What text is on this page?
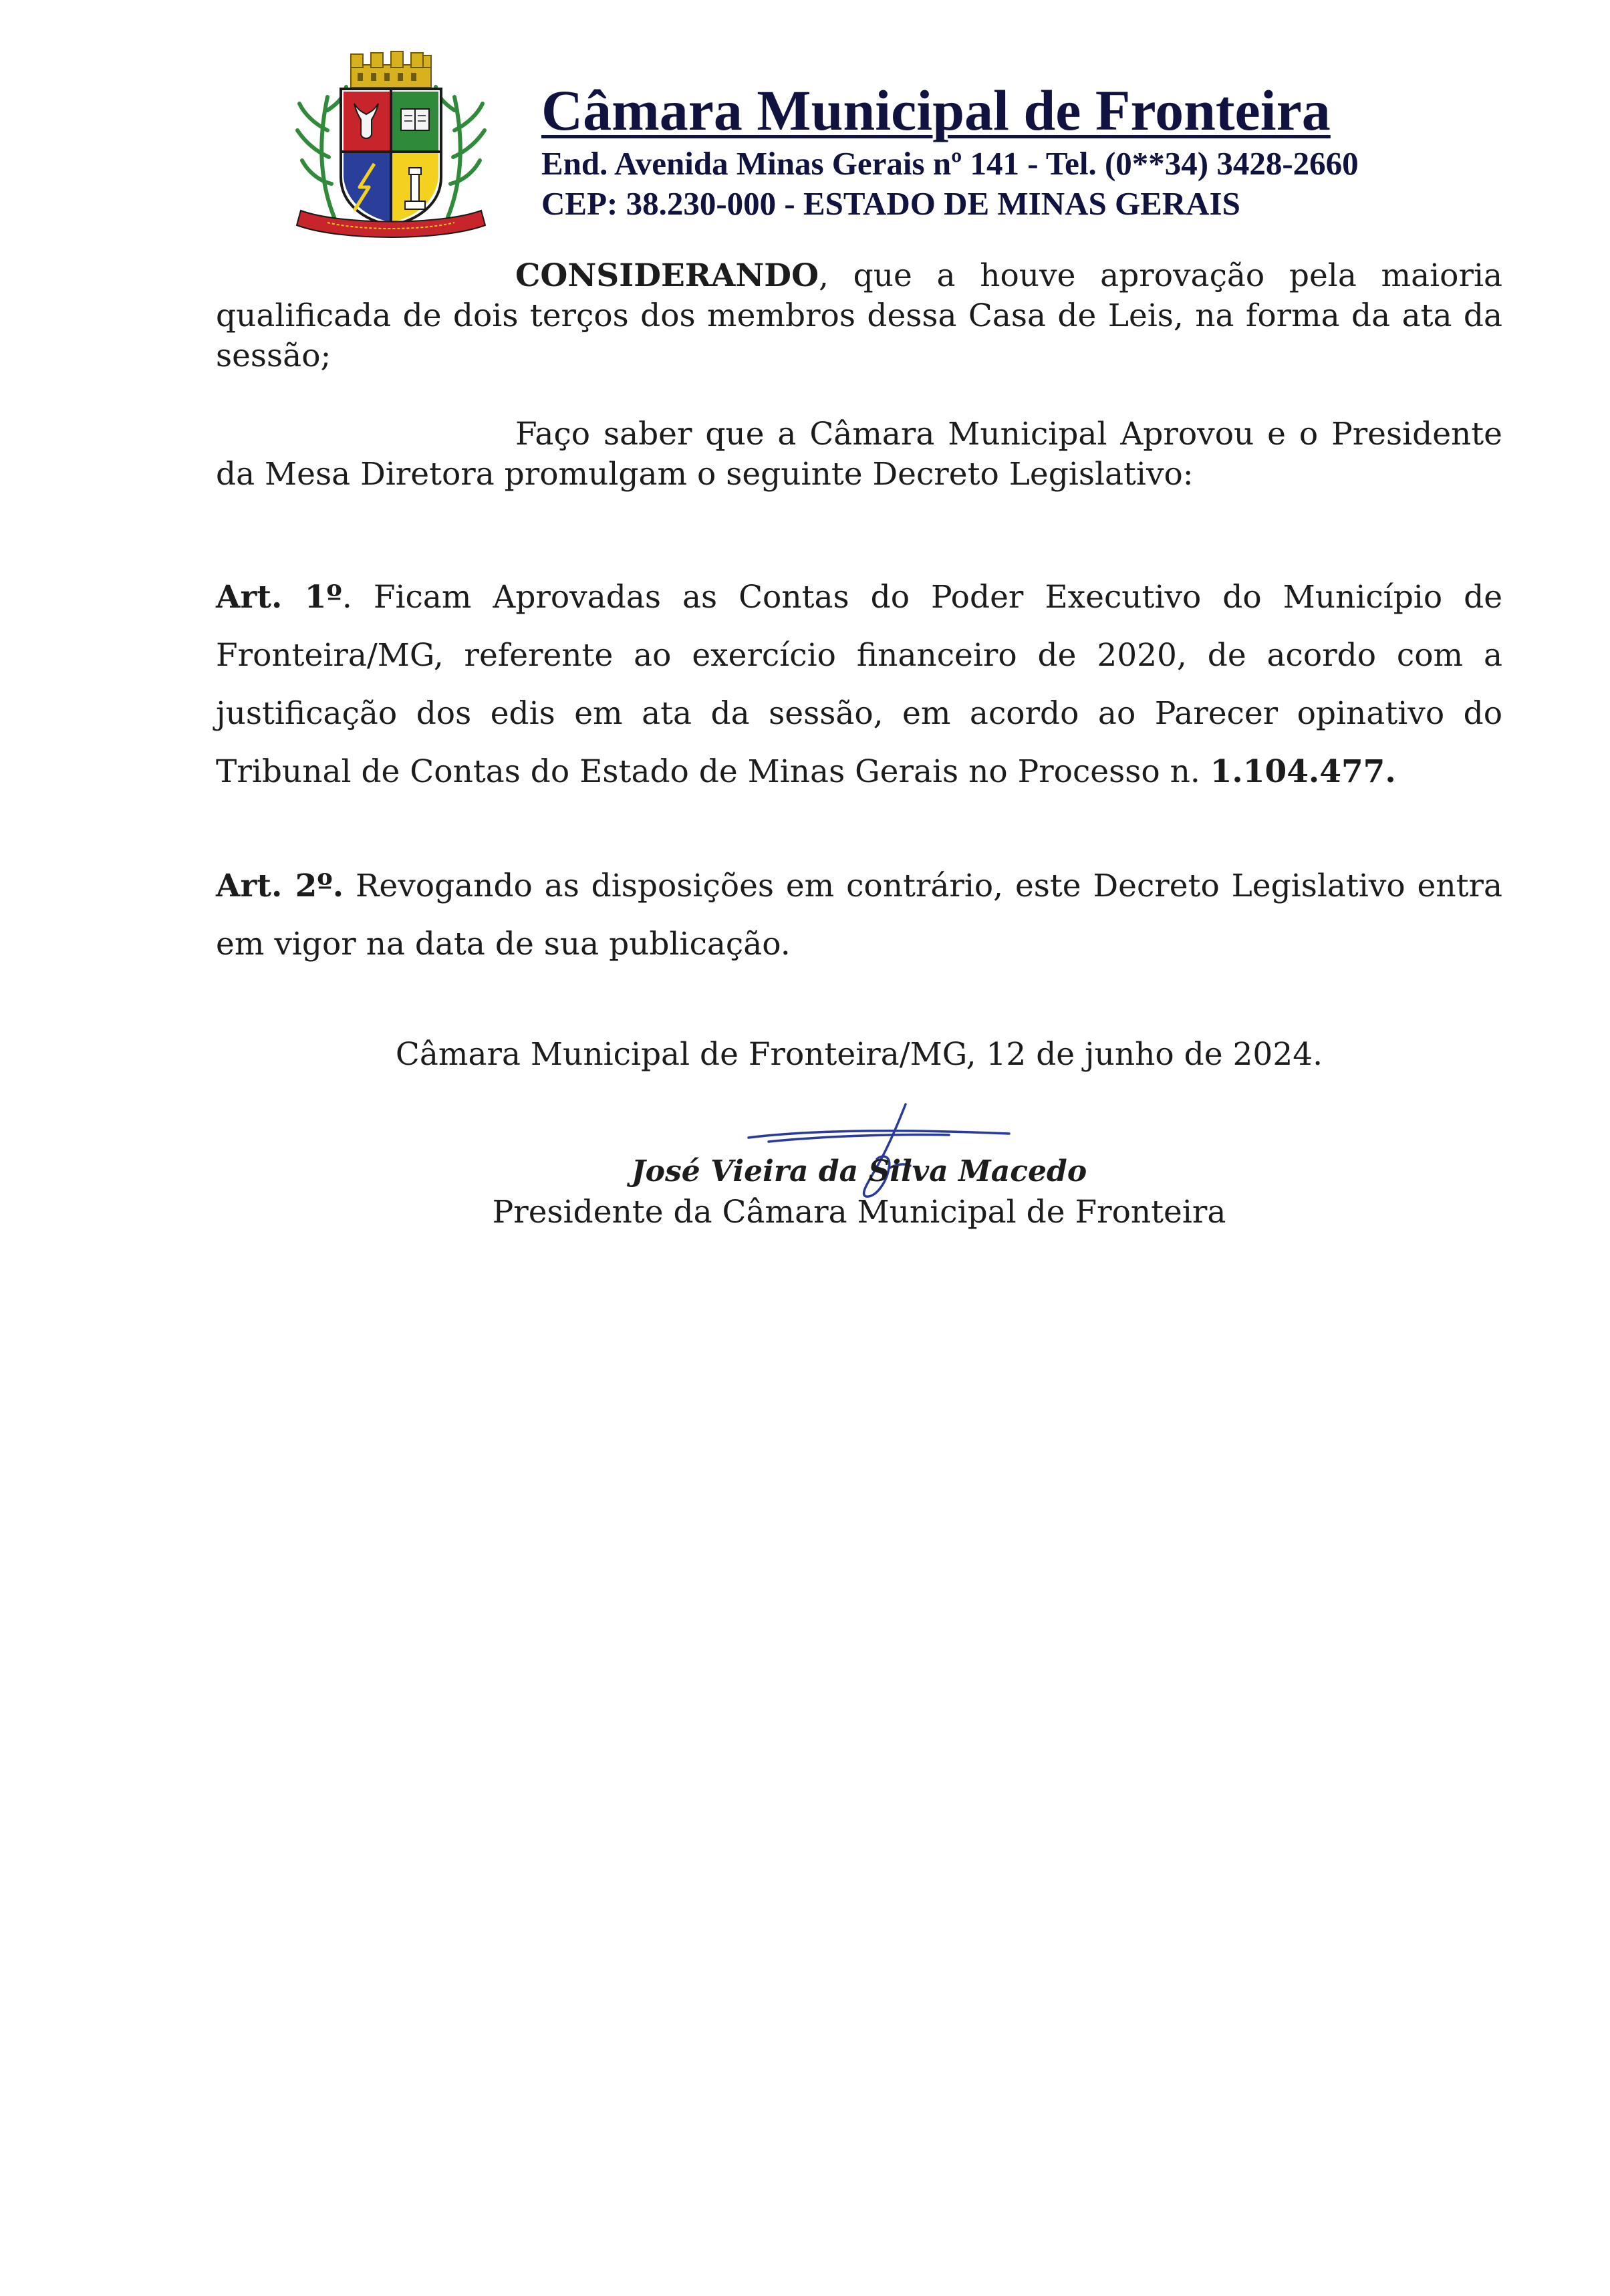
Câmara Municipal de Fronteira

End. Avenida Minas Gerais nº 141 - Tel. (0**34) 3428-2660

CEP: 38.230-000 - ESTADO DE MINAS GERAIS

CONSIDERANDO, que a houve aprovação pela maioria qualificada de dois terços dos membros dessa Casa de Leis, na forma da ata da sessão;

Faço saber que a Câmara Municipal Aprovou e o Presidente da Mesa Diretora promulgam o seguinte Decreto Legislativo:

Art. 1º. Ficam Aprovadas as Contas do Poder Executivo do Município de Fronteira/MG, referente ao exercício financeiro de 2020, de acordo com a justificação dos edis em ata da sessão, em acordo ao Parecer opinativo do Tribunal de Contas do Estado de Minas Gerais no Processo n. 1.104.477.

Art. 2º. Revogando as disposições em contrário, este Decreto Legislativo entra em vigor na data de sua publicação.

Câmara Municipal de Fronteira/MG, 12 de junho de 2024.

José Vieira da Silva Macedo

Presidente da Câmara Municipal de Fronteira
